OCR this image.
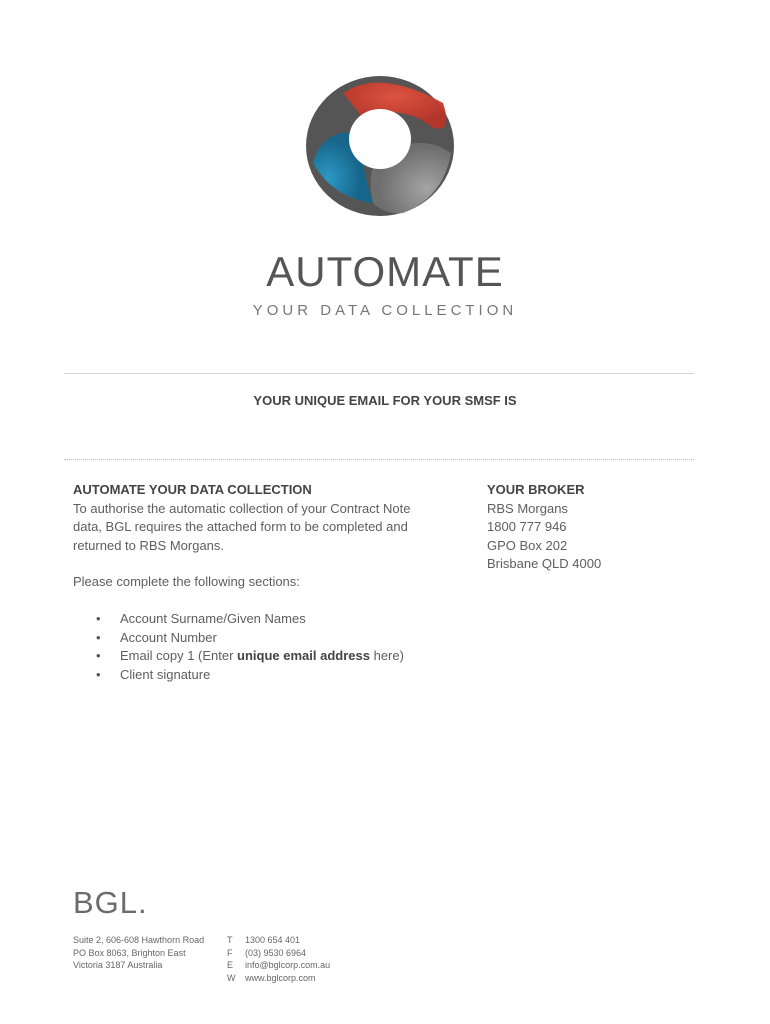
AUTOMATE
YOUR DATA COLLECTION
YOUR UNIQUE EMAIL FOR YOUR SMSF IS
AUTOMATE YOUR DATA COLLECTION
To authorise the automatic collection of your Contract Note
data, BGL requires the attached form to be completed and
returned to RBS Morgans.
Please complete the following sections:
• Account Surname/Given Names
• Account Number
• Email copy 1 (Enter unique email address here)
• Client signature
YOUR BROKER
RBS Morgans
1800 777 946
GPO Box 202
Brisbane QLD 4000
BGL.
Suite 2, 606-608 Hawthorn Road
PO Box 8063, Brighton East
Victoria 3187 Australia
T	1300 654 401
F	(03) 9530 6964
E	info@bglcorp.com.au
W	www.bglcorp.com
